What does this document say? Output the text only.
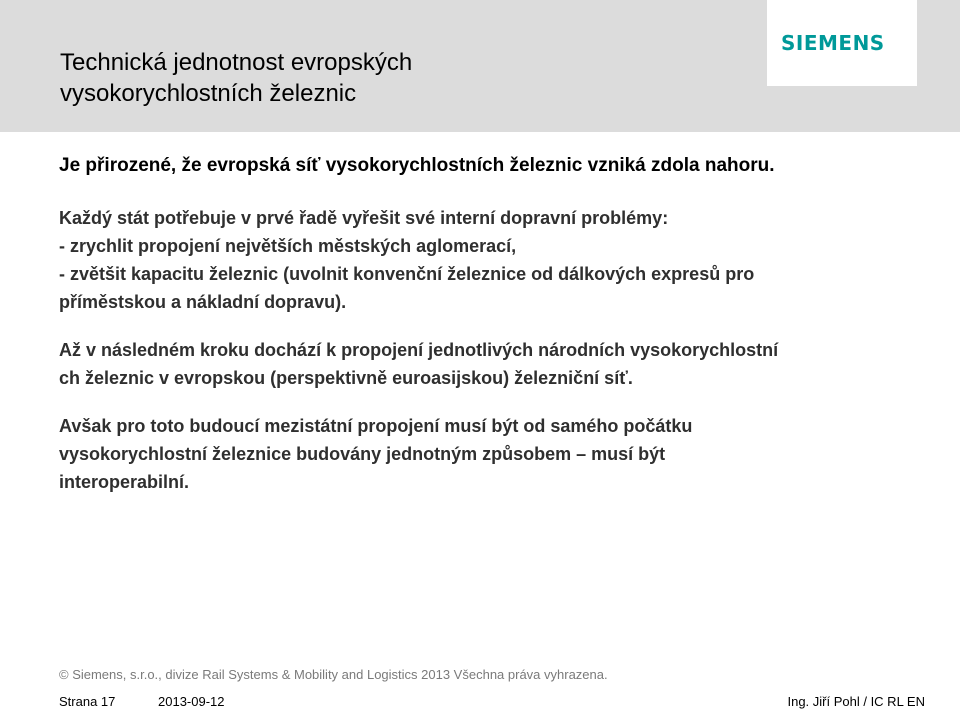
SIEMENS
Technická jednotnost evropských
vysokorychlostních železnic

Je přirozené, že evropská síť vysokorychlostních železnic vzniká zdola nahoru.

Každý stát potřebuje v prvé řadě vyřešit své interní dopravní problémy:
- zrychlit propojení největších městských aglomerací,
- zvětšit kapacitu železnic (uvolnit konvenční železnice od dálkových expresů pro
příměstskou a nákladní dopravu).

Až v následném kroku dochází k propojení jednotlivých národních vysokorychlostní
ch železnic v evropskou (perspektivně euroasijskou) železniční síť.

Avšak pro toto budoucí mezistátní propojení musí být od samého počátku
vysokorychlostní železnice budovány jednotným způsobem – musí být
interoperabilní.

© Siemens, s.r.o., divize Rail Systems & Mobility and Logistics 2013 Všechna práva vyhrazena.
Strana 17	2013-09-12	Ing. Jiří Pohl / IC RL EN
